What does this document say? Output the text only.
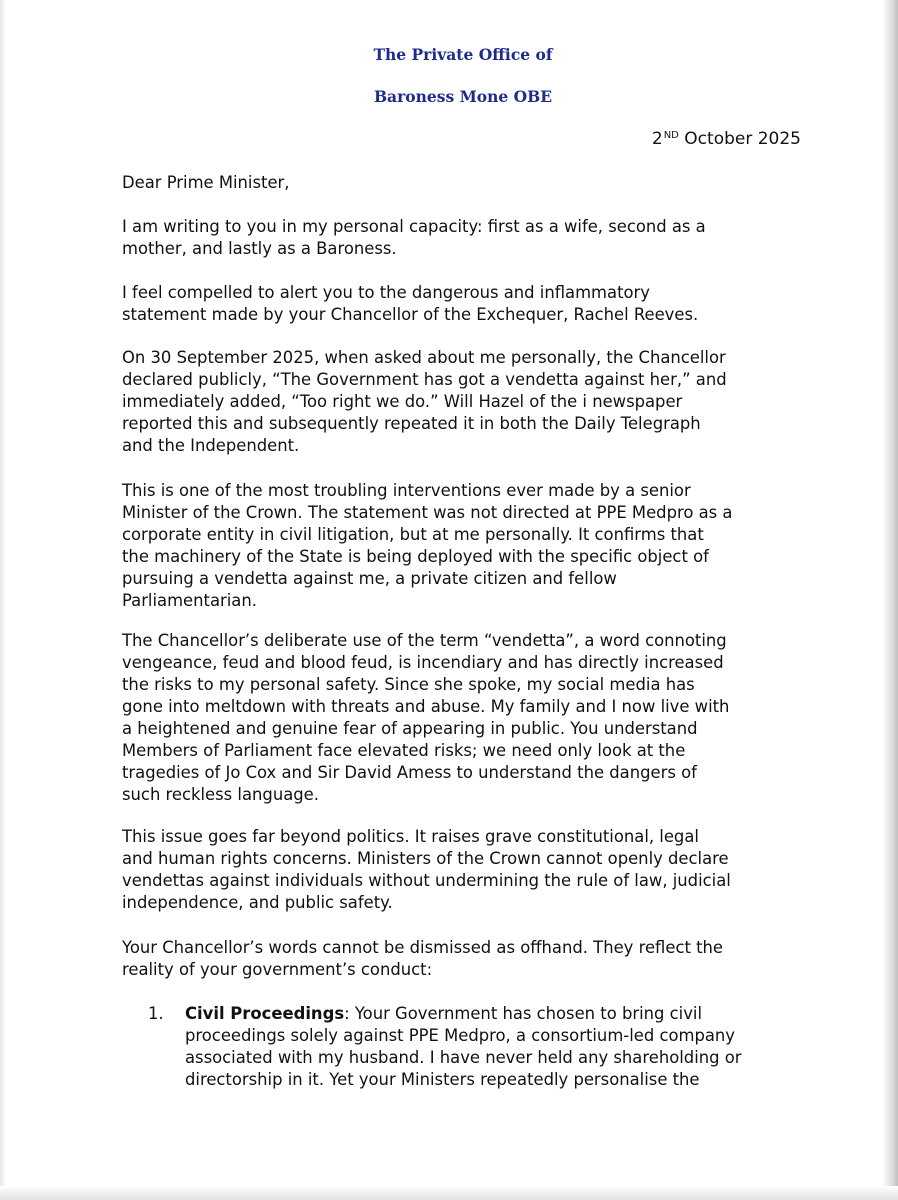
The Private Office of
Baroness Mone OBE
2ND October 2025
Dear Prime Minister,
I am writing to you in my personal capacity: first as a wife, second as a
mother, and lastly as a Baroness.
I feel compelled to alert you to the dangerous and inflammatory
statement made by your Chancellor of the Exchequer, Rachel Reeves.
On 30 September 2025, when asked about me personally, the Chancellor
declared publicly, “The Government has got a vendetta against her,” and
immediately added, “Too right we do.” Will Hazel of the i newspaper
reported this and subsequently repeated it in both the Daily Telegraph
and the Independent.
This is one of the most troubling interventions ever made by a senior
Minister of the Crown. The statement was not directed at PPE Medpro as a
corporate entity in civil litigation, but at me personally. It confirms that
the machinery of the State is being deployed with the specific object of
pursuing a vendetta against me, a private citizen and fellow
Parliamentarian.
The Chancellor’s deliberate use of the term “vendetta”, a word connoting
vengeance, feud and blood feud, is incendiary and has directly increased
the risks to my personal safety. Since she spoke, my social media has
gone into meltdown with threats and abuse. My family and I now live with
a heightened and genuine fear of appearing in public. You understand
Members of Parliament face elevated risks; we need only look at the
tragedies of Jo Cox and Sir David Amess to understand the dangers of
such reckless language.
This issue goes far beyond politics. It raises grave constitutional, legal
and human rights concerns. Ministers of the Crown cannot openly declare
vendettas against individuals without undermining the rule of law, judicial
independence, and public safety.
Your Chancellor’s words cannot be dismissed as offhand. They reflect the
reality of your government’s conduct:
1. Civil Proceedings: Your Government has chosen to bring civil
proceedings solely against PPE Medpro, a consortium-led company
associated with my husband. I have never held any shareholding or
directorship in it. Yet your Ministers repeatedly personalise the
